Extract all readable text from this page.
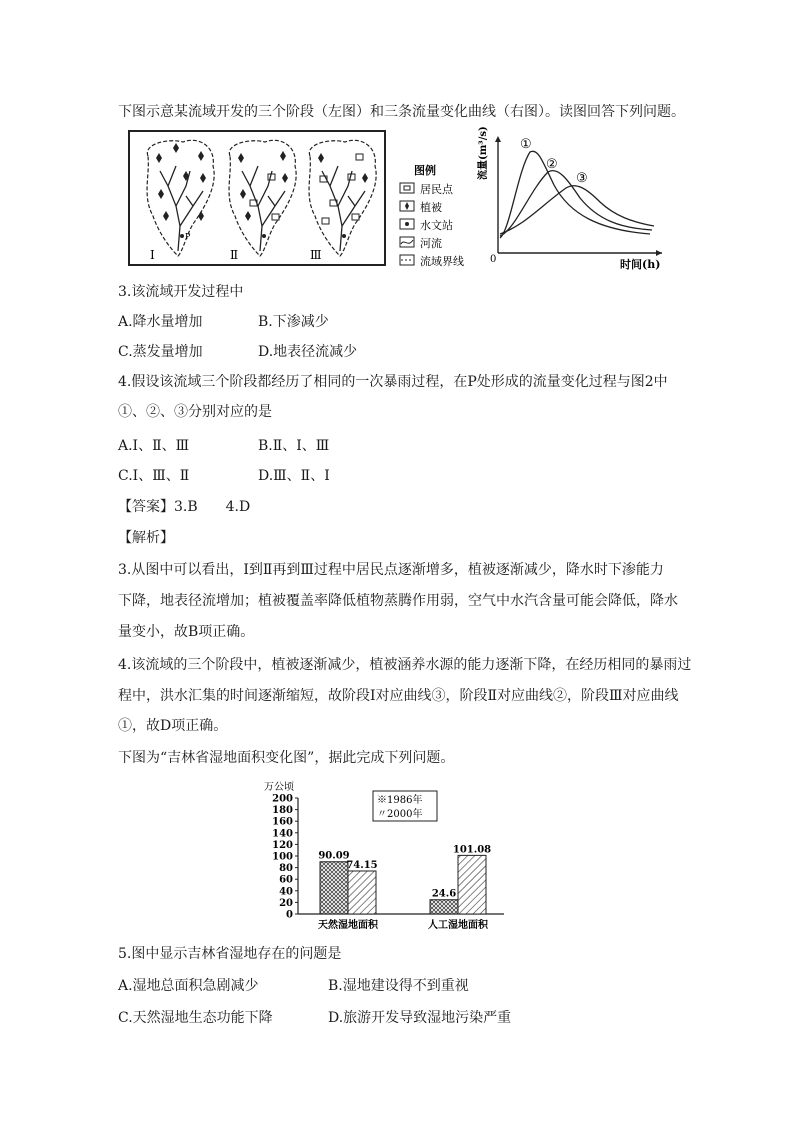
下图示意某流域开发的三个阶段（左图）和三条流量变化曲线（右图）。读图回答下列问题。
P
Ⅰ	Ⅱ	Ⅲ
图例
居民点
植被
水文站
河流
流域界线	0	时间(h)
流量(m³/s) ①
②
③
3.该流域开发过程中
A.降水量增加	B.下渗减少
C.蒸发量增加	D.地表径流减少
4.假设该流域三个阶段都经历了相同的一次暴雨过程，在P处形成的流量变化过程与图2中
①、②、③分别对应的是
A.Ⅰ、Ⅱ、Ⅲ	B.Ⅱ、Ⅰ、Ⅲ
C.Ⅰ、Ⅲ、Ⅱ	D.Ⅲ、Ⅱ、Ⅰ
【答案】3.B　　4.D
【解析】
3.从图中可以看出，Ⅰ到Ⅱ再到Ⅲ过程中居民点逐渐增多，植被逐渐减少，降水时下渗能力
下降，地表径流增加；植被覆盖率降低植物蒸腾作用弱，空气中水汽含量可能会降低，降水
量变小，故B项正确。
4.该流域的三个阶段中，植被逐渐减少，植被涵养水源的能力逐渐下降，在经历相同的暴雨过
程中，洪水汇集的时间逐渐缩短，故阶段Ⅰ对应曲线③，阶段Ⅱ对应曲线②，阶段Ⅲ对应曲线
①，故D项正确。
下图为“吉林省湿地面积变化图”，据此完成下列问题。
万公顷
0
20
40
60
80
100
120
140
160
180
200
天然湿地面积	人工湿地面积
90.09
74.15
24.6
101.08
※1986年
〃2000年
5.图中显示吉林省湿地存在的问题是
A.湿地总面积急剧减少	B.湿地建设得不到重视
C.天然湿地生态功能下降	D.旅游开发导致湿地污染严重
